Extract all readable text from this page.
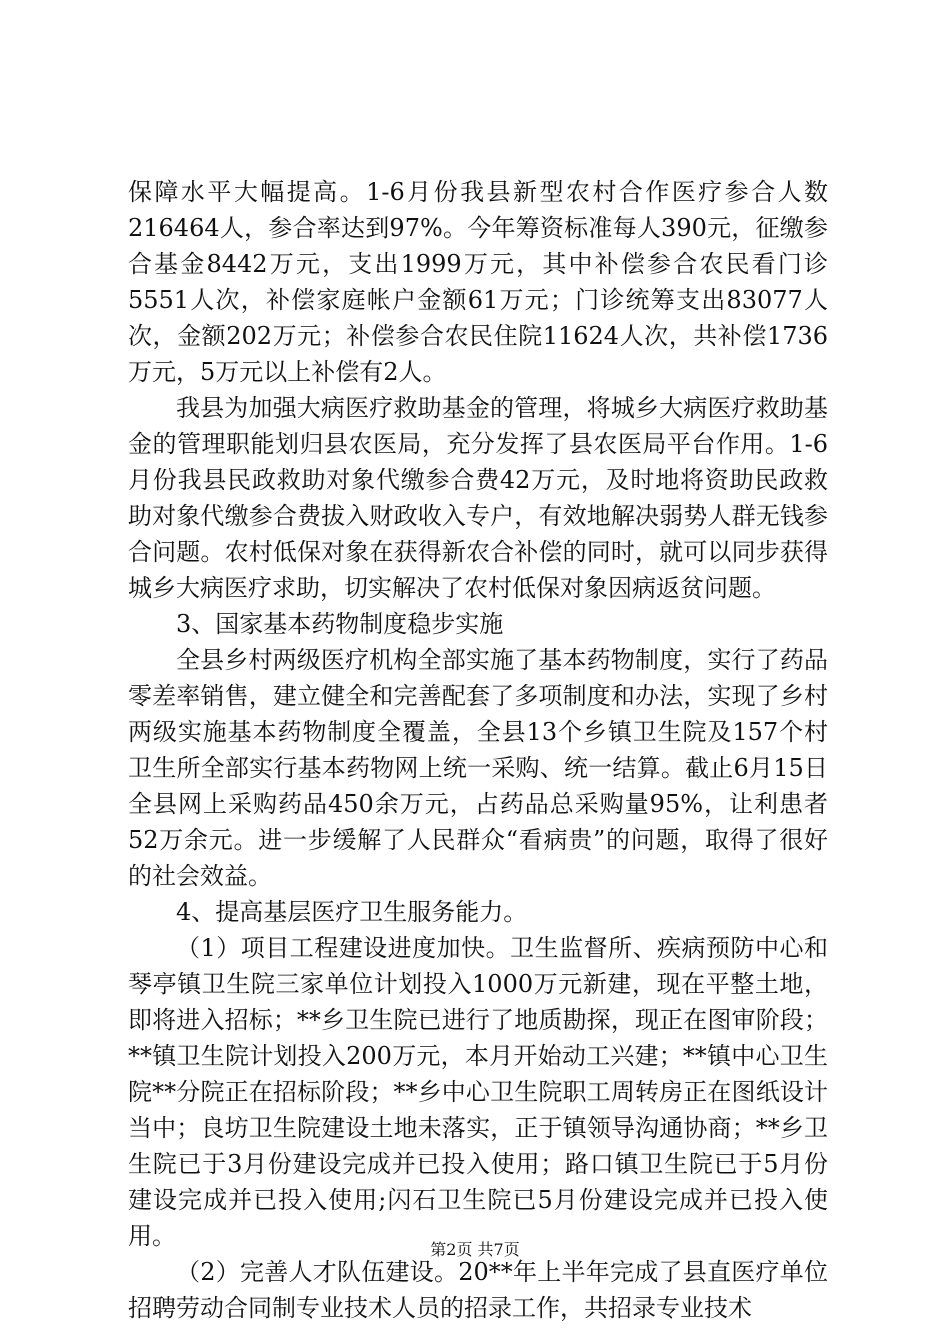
保障水平大幅提高。1-6月份我县新型农村合作医疗参合人数216464人，参合率达到97%。今年筹资标准每人390元，征缴参合基金8442万元，支出1999万元，其中补偿参合农民看门诊5551人次，补偿家庭帐户金额61万元；门诊统筹支出83077人次，金额202万元；补偿参合农民住院11624人次，共补偿1736万元，5万元以上补偿有2人。

我县为加强大病医疗救助基金的管理，将城乡大病医疗救助基金的管理职能划归县农医局，充分发挥了县农医局平台作用。1-6月份我县民政救助对象代缴参合费42万元，及时地将资助民政救助对象代缴参合费拔入财政收入专户，有效地解决弱势人群无钱参合问题。农村低保对象在获得新农合补偿的同时，就可以同步获得城乡大病医疗求助，切实解决了农村低保对象因病返贫问题。

3、国家基本药物制度稳步实施

全县乡村两级医疗机构全部实施了基本药物制度，实行了药品零差率销售，建立健全和完善配套了多项制度和办法，实现了乡村两级实施基本药物制度全覆盖，全县13个乡镇卫生院及157个村卫生所全部实行基本药物网上统一采购、统一结算。截止6月15日全县网上采购药品450余万元，占药品总采购量95%，让利患者52万余元。进一步缓解了人民群众“看病贵”的问题，取得了很好的社会效益。

4、提高基层医疗卫生服务能力。

（1）项目工程建设进度加快。卫生监督所、疾病预防中心和琴亭镇卫生院三家单位计划投入1000万元新建，现在平整土地，即将进入招标；**乡卫生院已进行了地质勘探，现正在图审阶段；**镇卫生院计划投入200万元，本月开始动工兴建；**镇中心卫生院**分院正在招标阶段；**乡中心卫生院职工周转房正在图纸设计当中；良坊卫生院建设土地未落实，正于镇领导沟通协商；**乡卫生院已于3月份建设完成并已投入使用；路口镇卫生院已于5月份建设完成并已投入使用;闪石卫生院已5月份建设完成并已投入使用。

（2）完善人才队伍建设。20**年上半年完成了县直医疗单位招聘劳动合同制专业技术人员的招录工作，共招录专业技术

第2页 共7页
